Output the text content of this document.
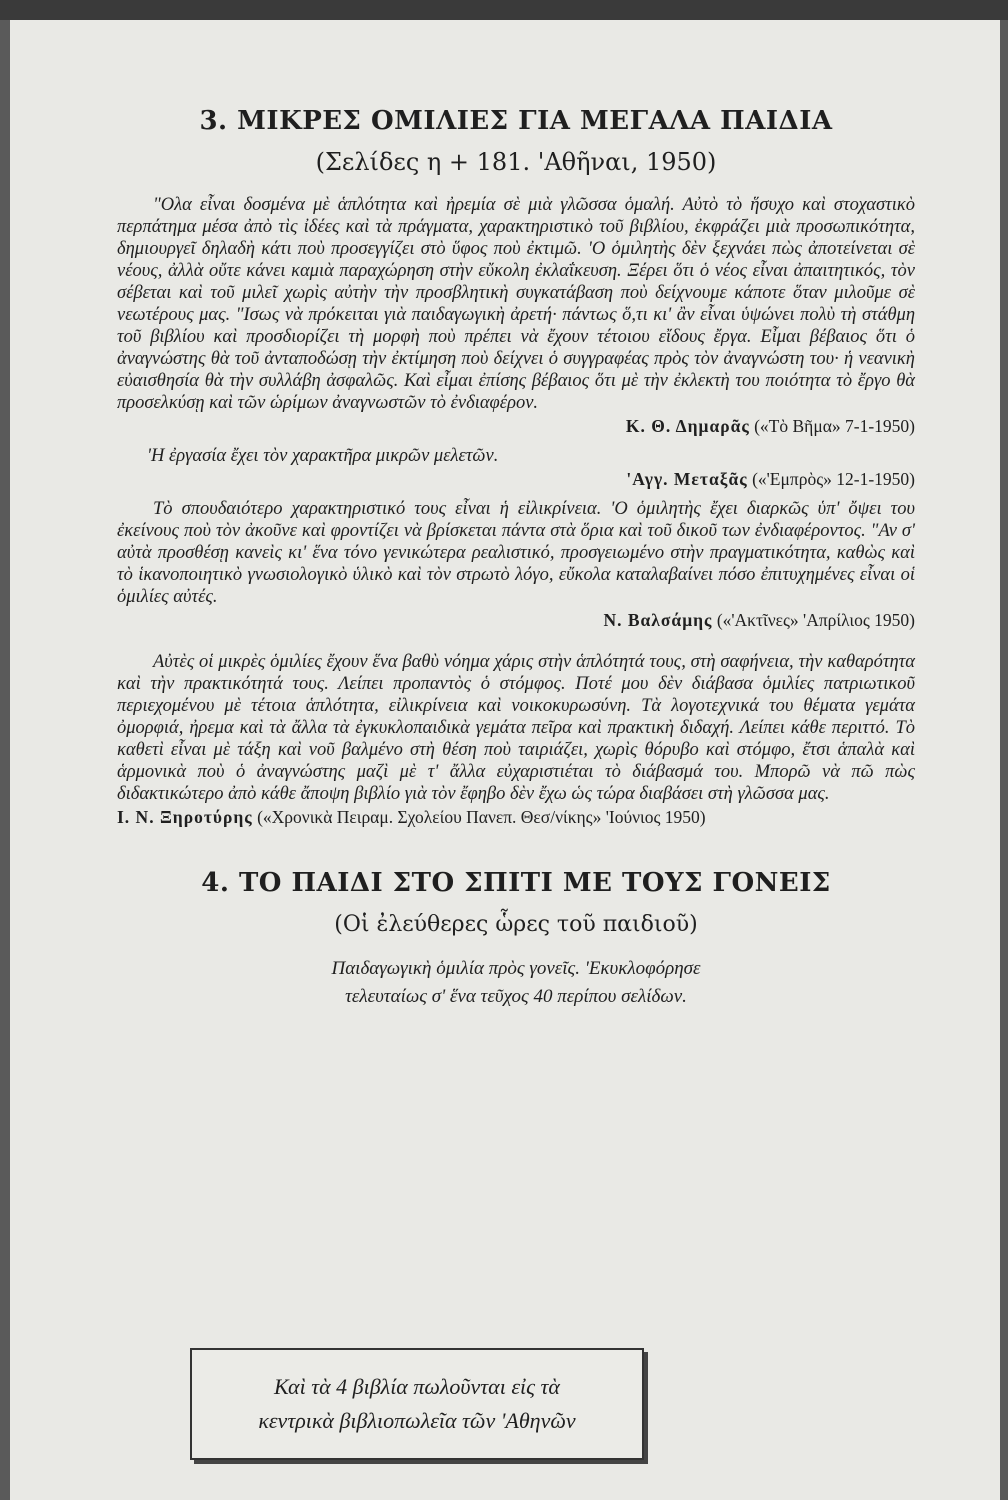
3. ΜΙΚΡΕΣ ΟΜΙΛΙΕΣ ΓΙΑ ΜΕΓΑΛΑ ΠΑΙΔΙΑ
(Σελίδες η + 181. 'Αθῆναι, 1950)

"Ολα εἶναι δοσμένα μὲ ἁπλότητα καὶ ἠρεμία σὲ μιὰ γλῶσσα ὁμαλή. Αὐτὸ τὸ ἥσυχο καὶ στοχαστικὸ περπάτημα μέσα ἀπὸ τὶς ἰδέες καὶ τὰ πράγματα, χαρακτηριστικὸ τοῦ βιβλίου, ἐκφράζει μιὰ προσωπικότητα, δημιουργεῖ δηλαδὴ κάτι ποὺ προσεγγίζει στὸ ὕφος ποὺ ἐκτιμῶ. 'Ο ὁμιλητὴς δὲν ξεχνάει πὼς ἀποτείνεται σὲ νέους, ἀλλὰ οὔτε κάνει καμιὰ παραχώρηση στὴν εὔκολη ἐκλαΐκευση. Ξέρει ὅτι ὁ νέος εἶναι ἀπαιτητικός, τὸν σέβεται καὶ τοῦ μιλεῖ χωρὶς αὐτὴν τὴν προσβλητικὴ συγκατάβαση ποὺ δείχνουμε κάποτε ὅταν μιλοῦμε σὲ νεωτέρους μας. "Ισως νὰ πρόκειται γιὰ παιδαγωγικὴ ἀρετή· πάντως ὅ,τι κι' ἂν εἶναι ὑψώνει πολὺ τὴ στάθμη τοῦ βιβλίου καὶ προσδιορίζει τὴ μορφὴ ποὺ πρέπει νὰ ἔχουν τέτοιου εἴδους ἔργα. Εἶμαι βέβαιος ὅτι ὁ ἀναγνώστης θὰ τοῦ ἀνταποδώσῃ τὴν ἐκτίμηση ποὺ δείχνει ὁ συγγραφέας πρὸς τὸν ἀναγνώστη του· ἡ νεανικὴ εὐαισθησία θὰ τὴν συλλάβη ἀσφαλῶς. Καὶ εἶμαι ἐπίσης βέβαιος ὅτι μὲ τὴν ἐκλεκτὴ του ποιότητα τὸ ἔργο θὰ προσελκύσῃ καὶ τῶν ὡρίμων ἀναγνωστῶν τὸ ἐνδιαφέρον.

Κ. Θ. Δημαρᾶς («Τὸ Βῆμα» 7-1-1950)

'Η ἐργασία ἔχει τὸν χαρακτῆρα μικρῶν μελετῶν.

'Αγγ. Μεταξᾶς («'Εμπρὸς» 12-1-1950)

Τὸ σπουδαιότερο χαρακτηριστικό τους εἶναι ἡ εἰλικρίνεια. 'Ο ὁμιλητὴς ἔχει διαρκῶς ὑπ' ὄψει του ἐκείνους ποὺ τὸν ἀκοῦνε καὶ φροντίζει νὰ βρίσκεται πάντα στὰ ὅρια καὶ τοῦ δικοῦ των ἐνδιαφέροντος. "Αν σ' αὐτὰ προσθέσῃ κανεὶς κι' ἕνα τόνο γενικώτερα ρεαλιστικό, προσγειωμένο στὴν πραγματικότητα, καθὼς καὶ τὸ ἱκανοποιητικὸ γνωσιολογικὸ ὑλικὸ καὶ τὸν στρωτὸ λόγο, εὔκολα καταλαβαίνει πόσο ἐπιτυχημένες εἶναι οἱ ὁμιλίες αὐτές.

Ν. Βαλσάμης («'Ακτῖνες» 'Απρίλιος 1950)

Αὐτὲς οἱ μικρὲς ὁμιλίες ἔχουν ἕνα βαθὺ νόημα χάρις στὴν ἁπλότητά τους, στὴ σαφήνεια, τὴν καθαρότητα καὶ τὴν πρακτικότητά τους. Λείπει προπαντὸς ὁ στόμφος. Ποτέ μου δὲν διάβασα ὁμιλίες πατριωτικοῦ περιεχομένου μὲ τέτοια ἁπλότητα, εἰλικρίνεια καὶ νοικοκυρωσύνη. Τὰ λογοτεχνικά του θέματα γεμάτα ὀμορφιά, ἠρεμα καὶ τὰ ἄλλα τὰ ἐγκυκλοπαιδικὰ γεμάτα πεῖρα καὶ πρακτικὴ διδαχή. Λείπει κάθε περιττό. Τὸ καθετὶ εἶναι μὲ τάξη καὶ νοῦ βαλμένο στὴ θέση ποὺ ταιριάζει, χωρὶς θόρυβο καὶ στόμφο, ἔτσι ἁπαλὰ καὶ ἁρμονικὰ ποὺ ὁ ἀναγνώστης μαζὶ μὲ τ' ἄλλα εὐχαριστιέται τὸ διάβασμά του. Μπορῶ νὰ πῶ πὼς διδακτικώτερο ἀπὸ κάθε ἄποψη βιβλίο γιὰ τὸν ἔφηβο δὲν ἔχω ὡς τώρα διαβάσει στὴ γλῶσσα μας.

Ι. Ν. Ξηροτύρης («Χρονικὰ Πειραμ. Σχολείου Πανεπ. Θεσ/νίκης» 'Ιούνιος 1950)
4. ΤΟ ΠΑΙΔΙ ΣΤΟ ΣΠΙΤΙ ΜΕ ΤΟΥΣ ΓΟΝΕΙΣ
(Οἱ ἐλεύθερες ὧρες τοῦ παιδιοῦ)

Παιδαγωγικὴ ὁμιλία πρὸς γονεῖς. 'Εκυκλοφόρησε

τελευταίως σ' ἕνα τεῦχος 40 περίπου σελίδων.

Καὶ τὰ 4 βιβλία πωλοῦνται εἰς τὰ
κεντρικὰ βιβλιοπωλεῖα τῶν 'Αθηνῶν
